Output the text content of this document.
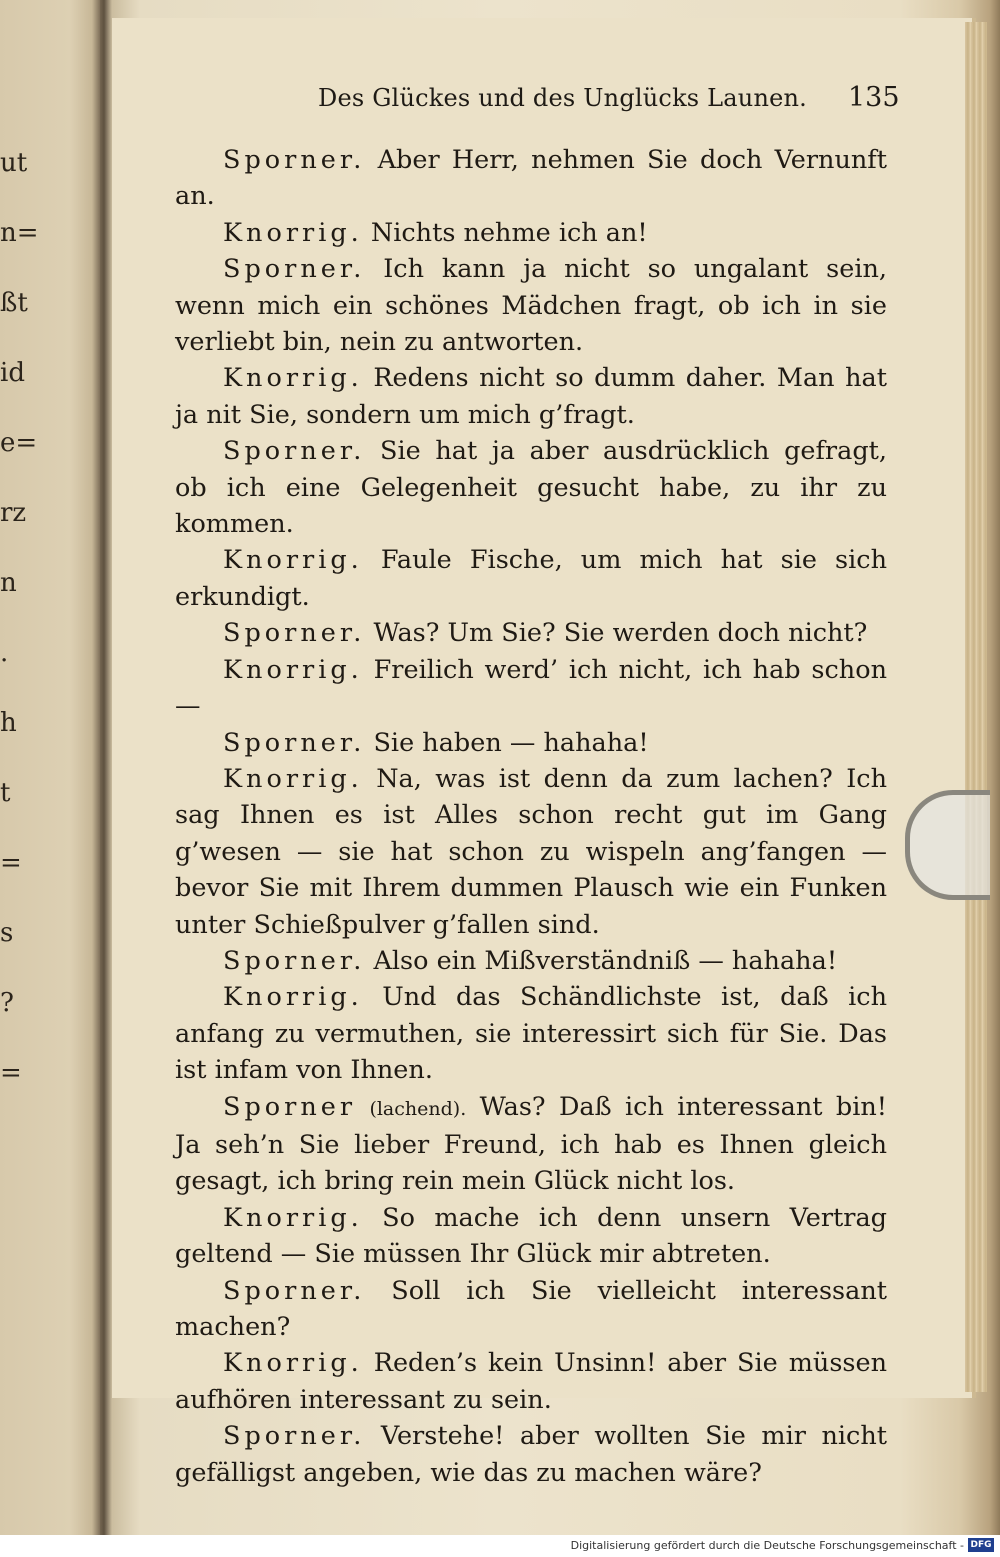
ut
n=
ßt
id
e=
rz
n
.
h
t
=
s
?
=
Des Glückes und des Unglücks Launen. 135

Sporner. Aber Herr, nehmen Sie doch Vernunft an.

Knorrig. Nichts nehme ich an!

Sporner. Ich kann ja nicht so ungalant sein, wenn mich ein schönes Mädchen fragt, ob ich in sie verliebt bin, nein zu antworten.

Knorrig. Redens nicht so dumm daher. Man hat ja nit Sie, sondern um mich g’fragt.

Sporner. Sie hat ja aber ausdrücklich gefragt, ob ich eine Gelegenheit gesucht habe, zu ihr zu kommen.

Knorrig. Faule Fische, um mich hat sie sich erkundigt.

Sporner. Was? Um Sie? Sie werden doch nicht?

Knorrig. Freilich werd’ ich nicht, ich hab schon —

Sporner. Sie haben — hahaha!

Knorrig. Na, was ist denn da zum lachen? Ich sag Ihnen es ist Alles schon recht gut im Gang g’wesen — sie hat schon zu wispeln ang’fangen — bevor Sie mit Ihrem dummen Plausch wie ein Funken unter Schießpulver g’fallen sind.

Sporner. Also ein Mißverständniß — hahaha!

Knorrig. Und das Schändlichste ist, daß ich anfang zu vermuthen, sie interessirt sich für Sie. Das ist infam von Ihnen.

Sporner (lachend). Was? Daß ich interessant bin! Ja seh’n Sie lieber Freund, ich hab es Ihnen gleich gesagt, ich bring rein mein Glück nicht los.

Knorrig. So mache ich denn unsern Vertrag geltend — Sie müssen Ihr Glück mir abtreten.

Sporner. Soll ich Sie vielleicht interessant machen?

Knorrig. Reden’s kein Unsinn! aber Sie müssen aufhören interessant zu sein.

Sporner. Verstehe! aber wollten Sie mir nicht gefälligst angeben, wie das zu machen wäre?

Digitalisierung gefördert durch die Deutsche Forschungsgemeinschaft - DFG
